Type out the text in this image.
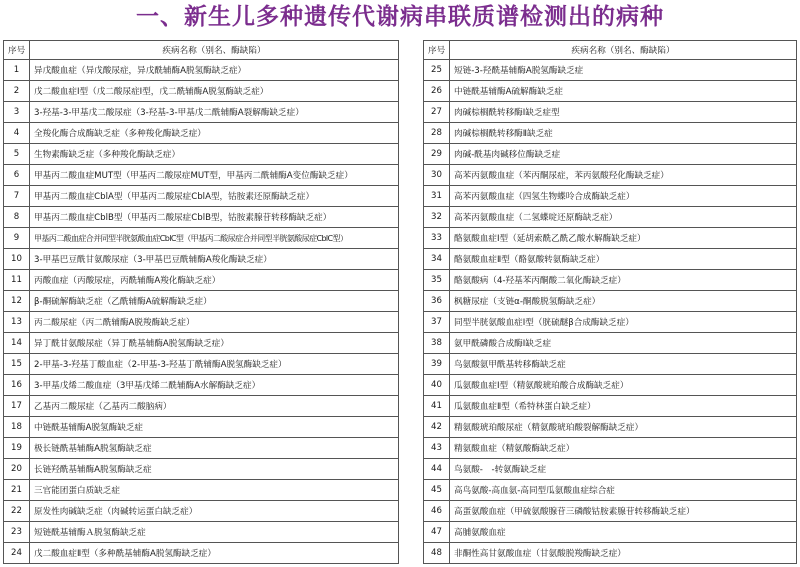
一、新生儿多种遗传代谢病串联质谱检测出的病种
序号	疾病名称（别名、酶缺陷）
1	异戊酸血症（异戊酸尿症，异戊酰辅酶A脱氢酶缺乏症）
2	戊二酸血症I型（戊二酸尿症I型，戊二酰辅酶A脱氢酶缺乏症）
3	3-羟基-3-甲基戊二酸尿症（3-羟基-3-甲基戊二酰辅酶A裂解酶缺乏症）
4	全羧化酶合成酶缺乏症（多种羧化酶缺乏症）
5	生物素酶缺乏症（多种羧化酶缺乏症）
6	甲基丙二酸血症MUT型（甲基丙二酸尿症MUT型，甲基丙二酰辅酶A变位酶缺乏症）
7	甲基丙二酸血症CblA型（甲基丙二酸尿症CblA型，钴胺素还原酶缺乏症）
8	甲基丙二酸血症CblB型（甲基丙二酸尿症CblB型，钴胺素腺苷转移酶缺乏症）
9	甲基丙二酸血症合并同型半胱氨酸血症CblC型（甲基丙二酸尿症合并同型半胱氨酸尿症CblC型）
10	3-甲基巴豆酰甘氨酸尿症（3-甲基巴豆酰辅酶A羧化酶缺乏症）
11	丙酸血症（丙酸尿症，丙酰辅酶A羧化酶缺乏症）
12	β-酮硫解酶缺乏症（乙酰辅酶A硫解酶缺乏症）
13	丙二酸尿症（丙二酰辅酶A脱羧酶缺乏症）
14	异丁酰甘氨酸尿症（异丁酰基辅酶A脱氢酶缺乏症）
15	2-甲基-3-羟基丁酸血症（2-甲基-3-羟基丁酰辅酶A脱氢酶缺乏症）
16	3-甲基戊烯二酸血症（3甲基戊烯二酰辅酶A水解酶缺乏症）
17	乙基丙二酸尿症（乙基丙二酸脑病）
18	中链酰基辅酶A脱氢酶缺乏症
19	极长链酰基辅酶A脱氢酶缺乏症
20	长链羟酰基辅酶A脱氢酶缺乏症
21	三官能团蛋白质缺乏症
22	原发性肉碱缺乏症（肉碱转运蛋白缺乏症）
23	短链酰基辅酶Ａ脱氢酶缺乏症
24	戊二酸血症Ⅱ型（多种酰基辅酶A脱氢酶缺乏症）
序号	疾病名称（别名、酶缺陷）
25	短链-3-羟酰基辅酶A脱氢酶缺乏症
26	中链酰基辅酶A硫解酶缺乏症
27	肉碱棕榈酰转移酶Ⅰ缺乏症型
28	肉碱棕榈酰转移酶Ⅱ缺乏症
29	肉碱-酰基肉碱移位酶缺乏症
30	高苯丙氨酸血症（苯丙酮尿症，苯丙氨酸羟化酶缺乏症）
31	高苯丙氨酸血症（四氢生物蝶呤合成酶缺乏症）
32	高苯丙氨酸血症（二氢蝶啶还原酶缺乏症）
33	酪氨酸血症Ⅰ型（延胡索酰乙酰乙酸水解酶缺乏症）
34	酪氨酸血症Ⅱ型（酪氨酸转氨酶缺乏症）
35	酪氨酸病（4-羟基苯丙酮酸二氧化酶缺乏症）
36	枫糖尿症（支链α-酮酸脱氢酶缺乏症）
37	同型半胱氨酸血症I型（胱硫醚β合成酶缺乏症）
38	氨甲酰磷酸合成酶Ⅰ缺乏症
39	鸟氨酸氨甲酰基转移酶缺乏症
40	瓜氨酸血症Ⅰ型（精氨酸琥珀酸合成酶缺乏症）
41	瓜氨酸血症Ⅱ型（希特林蛋白缺乏症）
42	精氨酸琥珀酸尿症（精氨酸琥珀酸裂解酶缺乏症）
43	精氨酸血症（精氨酸酶缺乏症）
44	鸟氨酸-　-转氨酶缺乏症
45	高鸟氨酸-高血氨-高同型瓜氨酸血症综合症
46	高蛋氨酸血症（甲硫氨酸腺苷三磷酸钴胺素腺苷转移酶缺乏症）
47	高脯氨酸血症
48	非酮性高甘氨酸血症（甘氨酸脱羧酶缺乏症）
